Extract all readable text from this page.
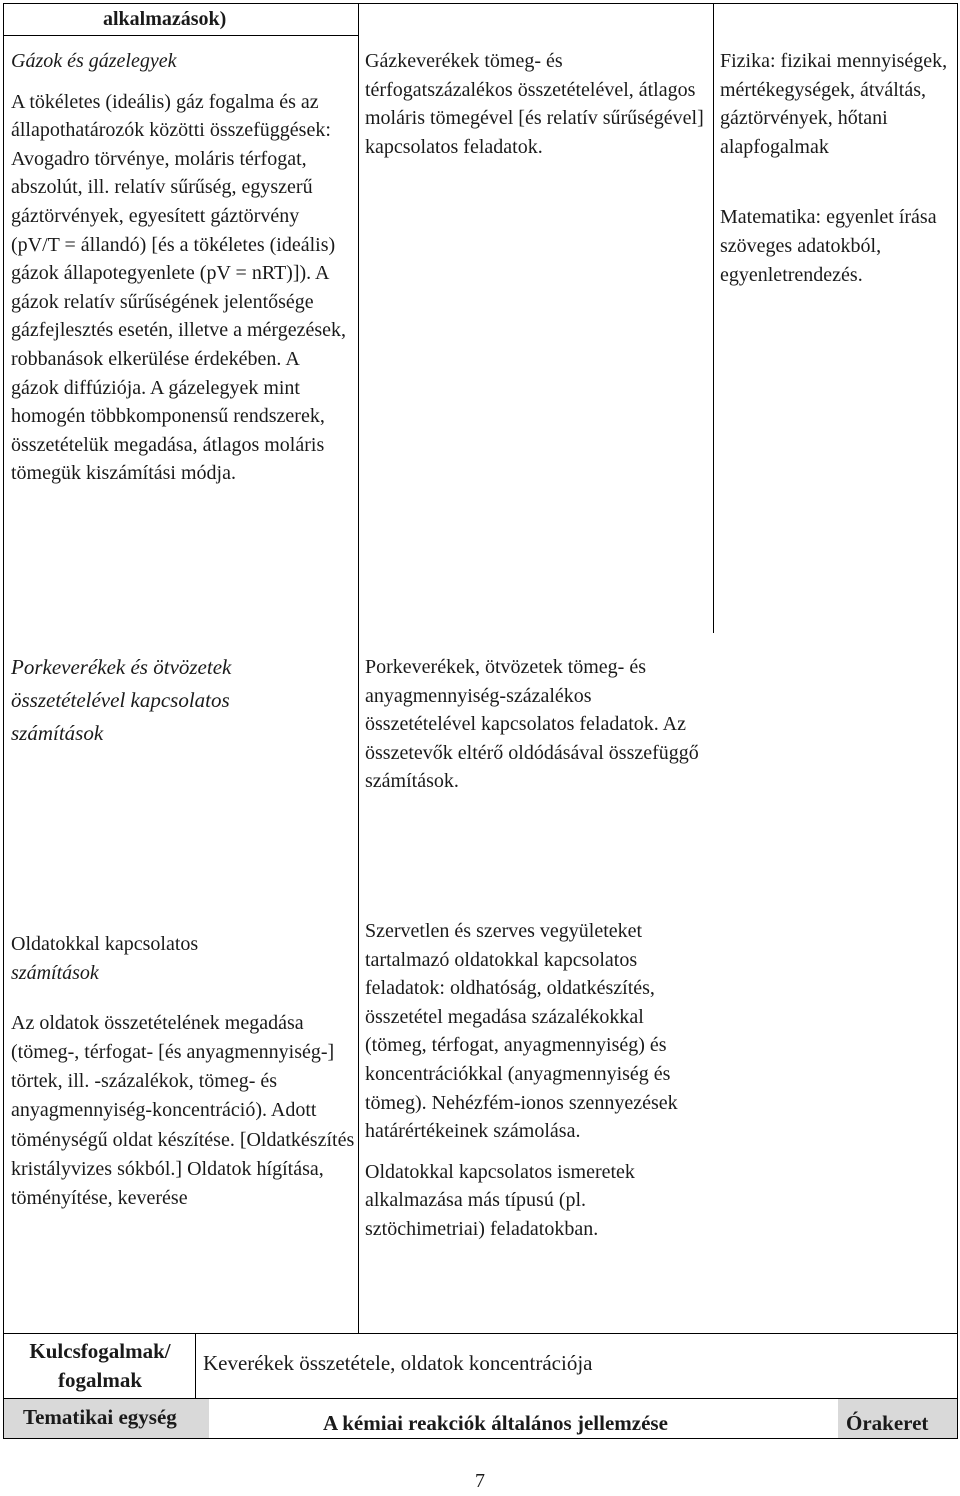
alkalmazások)

Gázok és gázelegyek

A tökéletes (ideális) gáz fogalma és az állapothatározók közötti összefüggések: Avogadro törvénye, moláris térfogat, abszolút, ill. relatív sűrűség, egyszerű gáztörvények, egyesített gáztörvény (pV/T = állandó) [és a tökéletes (ideális) gázok állapotegyenlete (pV = nRT)]). A gázok relatív sűrűségének jelentősége gázfejlesztés esetén, illetve a mérgezések, robbanások elkerülése érdekében. A gázok diffúziója. A gázelegyek mint homogén többkomponensű rendszerek, összetételük megadása, átlagos moláris tömegük kiszámítási módja.

Gázkeverékek tömeg- és térfogatszázalékos összetételével, átlagos moláris tömegével [és relatív sűrűségével] kapcsolatos feladatok.

Fizika: fizikai mennyiségek, mértékegységek, átváltás, gáztörvények, hőtani alapfogalmak

Matematika: egyenlet írása szöveges adatokból, egyenletrendezés.

Porkeverékek és ötvözetek összetételével kapcsolatos számítások

Porkeverékek, ötvözetek tömeg- és anyagmennyiség-százalékos összetételével kapcsolatos feladatok. Az összetevők eltérő oldódásával összefüggő számítások.

Oldatokkal kapcsolatos

számítások

Az oldatok összetételének megadása (tömeg-, térfogat- [és anyagmennyiség-] törtek, ill. -százalékok, tömeg- és anyagmennyiség-koncentráció). Adott töménységű oldat készítése. [Oldatkészítés kristályvizes sókból.] Oldatok hígítása, töményítése, keverése

Szervetlen és szerves vegyületeket tartalmazó oldatokkal kapcsolatos feladatok: oldhatóság, oldatkészítés, összetétel megadása százalékokkal (tömeg, térfogat, anyagmennyiség) és koncentrációkkal (anyagmennyiség és tömeg). Nehézfém-ionos szennyezések határértékeinek számolása.

Oldatokkal kapcsolatos ismeretek alkalmazása más típusú (pl. sztöchimetriai) feladatokban.

Kulcsfogalmak/ fogalmak
Keverékek összetétele, oldatok koncentrációja
Tematikai egység	A kémiai reakciók általános jellemzése	Órakeret
7
